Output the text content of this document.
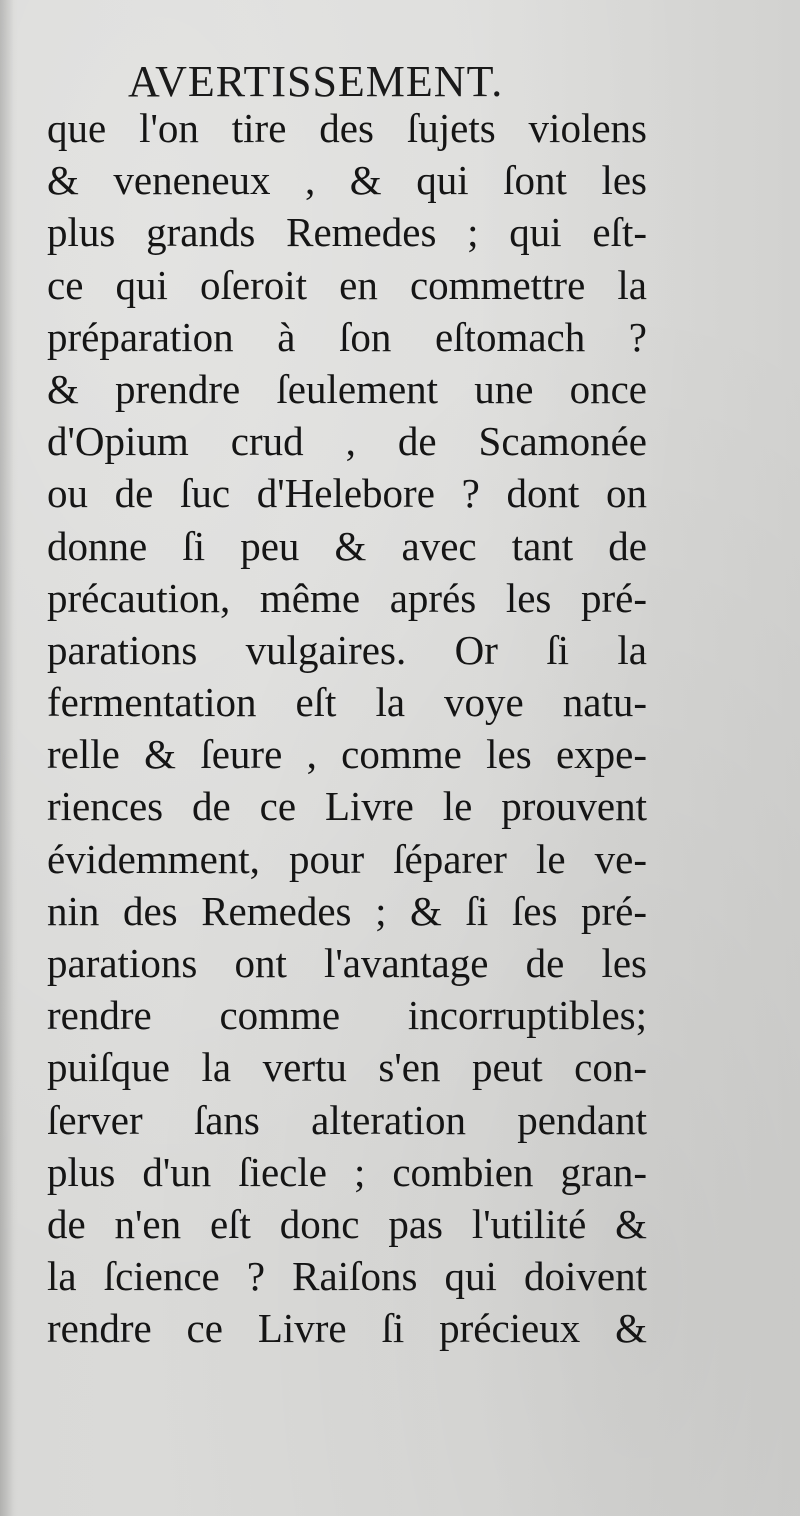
AVERTISSEMENT.
que l'on tire des ſujets violens
& veneneux , & qui ſont les
plus grands Remedes ; qui eſt-
ce qui oſeroit en commettre la
préparation à ſon eſtomach ?
& prendre ſeulement une once
d'Opium crud , de Scamonée
ou de ſuc d'Helebore ? dont on
donne ſi peu & avec tant de
précaution, même aprés les pré-
parations vulgaires. Or ſi la
fermentation eſt la voye natu-
relle & ſeure , comme les expe-
riences de ce Livre le prouvent
évidemment, pour ſéparer le ve-
nin des Remedes ; & ſi ſes pré-
parations ont l'avantage de les
rendre comme incorruptibles;
puiſque la vertu s'en peut con-
ſerver ſans alteration pendant
plus d'un ſiecle ; combien gran-
de n'en eſt donc pas l'utilité &
la ſcience ? Raiſons qui doivent
rendre ce Livre ſi précieux &
